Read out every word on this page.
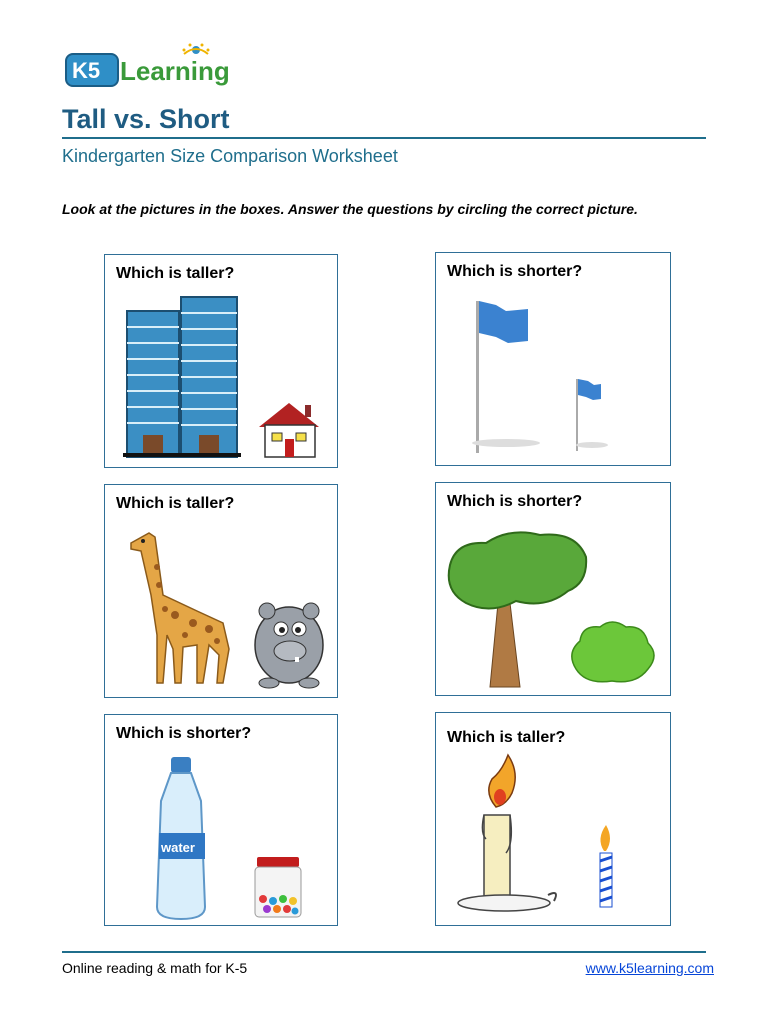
K5 Learning
Tall vs. Short
Kindergarten Size Comparison Worksheet
Look at the pictures in the boxes. Answer the questions by circling the correct picture.
Which is taller?	Which is shorter?
Which is taller?	Which is shorter?
Which is shorter?
water
Which is taller?
Online reading & math for K-5	www.k5learning.com
